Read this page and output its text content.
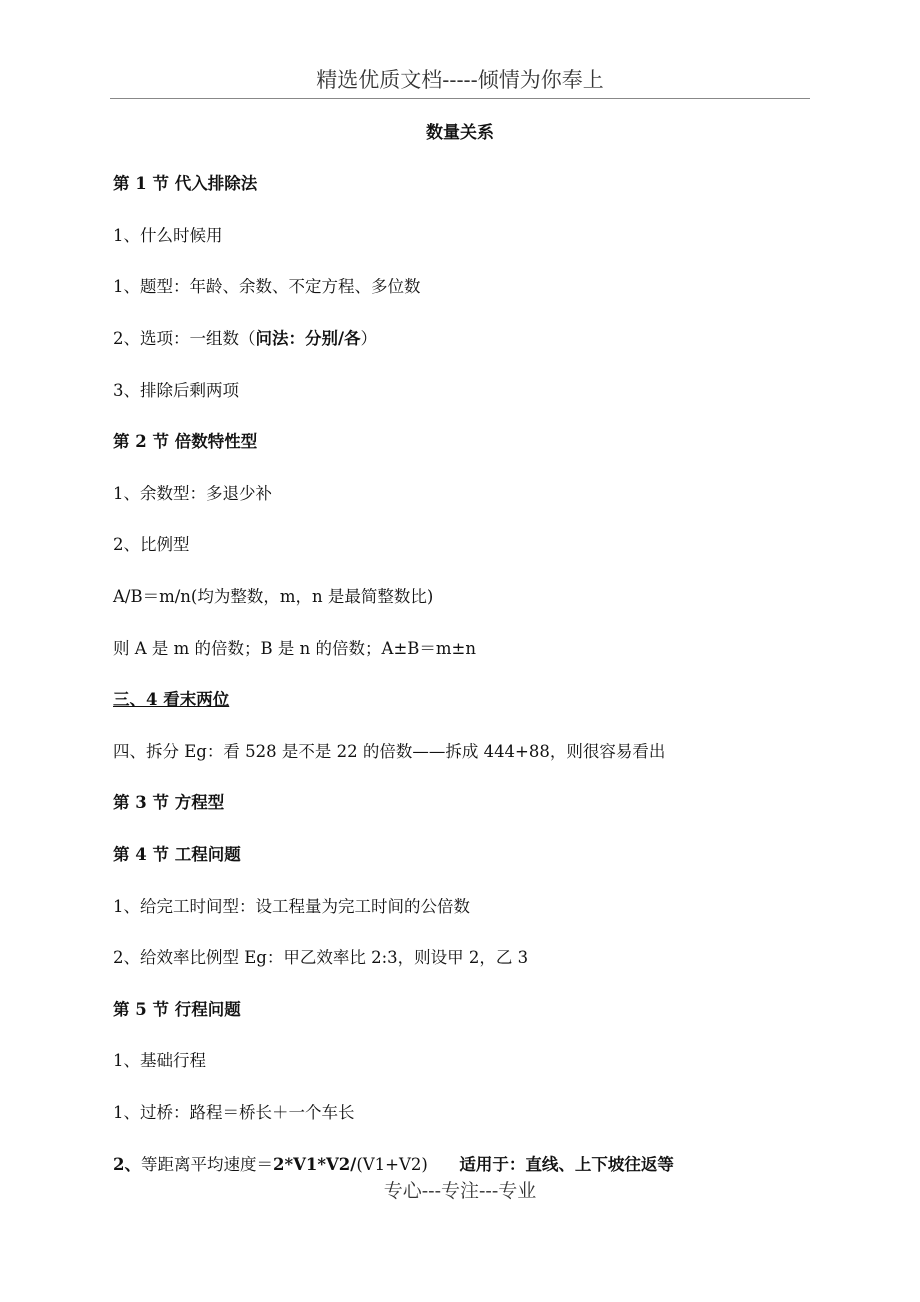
精选优质文档-----倾情为你奉上
数量关系
第 1 节 代入排除法
1、什么时候用
1、题型：年龄、余数、不定方程、多位数
2、选项：一组数（问法：分别/各）
3、排除后剩两项
第 2 节 倍数特性型
1、余数型：多退少补
2、比例型
A/B＝m/n(均为整数，m，n 是最简整数比)
则 A 是 m 的倍数；B 是 n 的倍数；A±B＝m±n
三、4 看末两位
四、拆分 Eg：看 528 是不是 22 的倍数——拆成 444+88，则很容易看出
第 3 节 方程型
第 4 节 工程问题
1、给完工时间型：设工程量为完工时间的公倍数
2、给效率比例型 Eg：甲乙效率比 2:3，则设甲 2，乙 3
第 5 节 行程问题
1、基础行程
1、过桥：路程＝桥长＋一个车长
2、等距离平均速度＝2*V1*V2/(V1+V2) 适用于：直线、上下坡往返等
专心---专注---专业
